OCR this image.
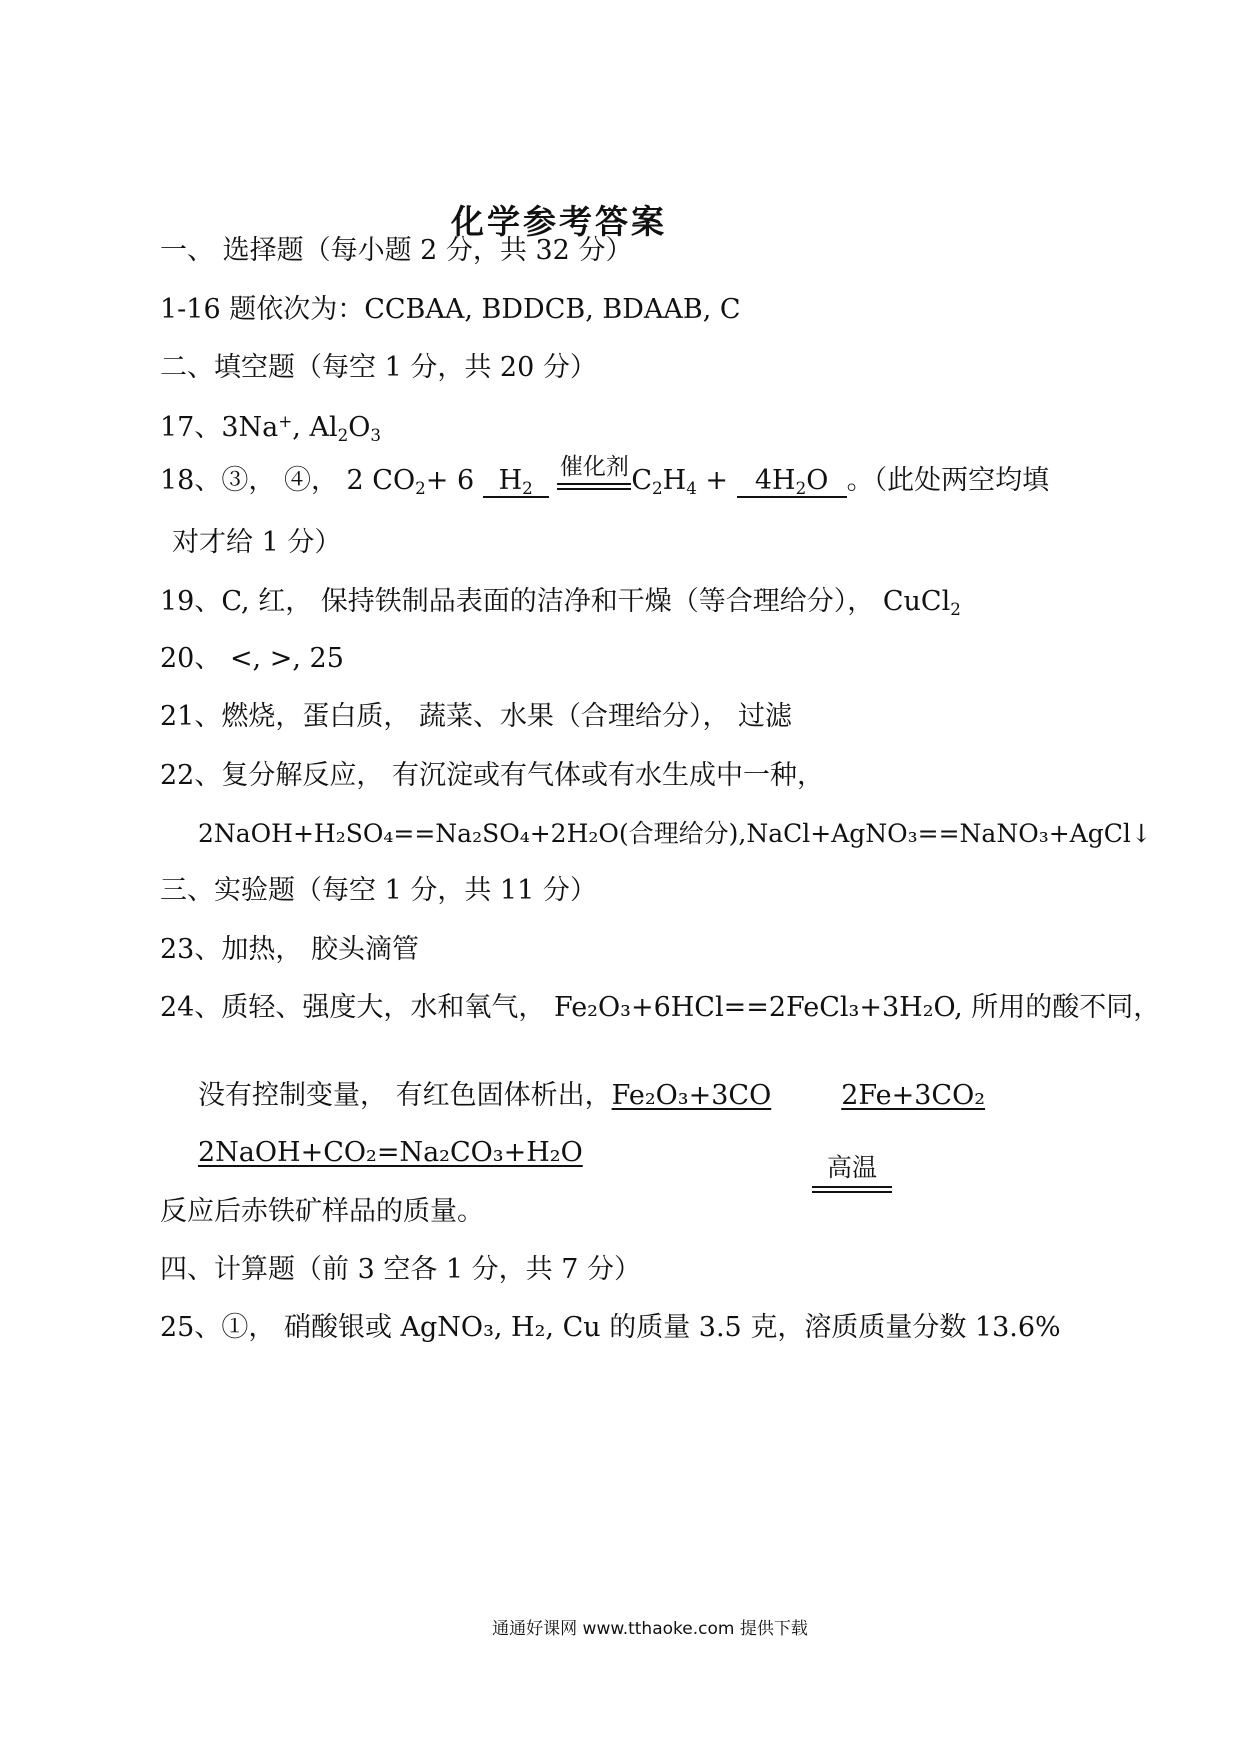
化学参考答案
一、 选择题（每小题 2 分，共 32 分）
1-16 题依次为：CCBAA, BDDCB, BDAAB, C
二、填空题（每空 1 分，共 20 分）
17、3Na+, $Al_2O_3$
18、③， ④， 2 $CO_2+ 6$ $H_2$
催化剂 $C_2H_4 + 4H_2O$ 。（此处两空均填
对才给 1 分）
19、C, 红， 保持铁制品表面的洁净和干燥（等合理给分）， CuCl$_2$
20、 <, >, 25
21、燃烧，蛋白质， 蔬菜、水果（合理给分）， 过滤
22、复分解反应， 有沉淀或有气体或有水生成中一种，
2NaOH+H₂SO₄==Na₂SO₄+2H₂O(合理给分),NaCl+AgNO₃==NaNO₃+AgCl↓
三、实验题（每空 1 分，共 11 分）
23、加热， 胶头滴管
24、质轻、强度大，水和氧气， Fe₂O₃+6HCl==2FeCl₃+3H₂O, 所用的酸不同，
高温
没有控制变量， 有红色固体析出，Fe₂O₃+3CO	2Fe+3CO₂
2NaOH+CO₂=Na₂CO₃+H₂O
反应后赤铁矿样品的质量。
四、计算题（前 3 空各 1 分，共 7 分）
25、①， 硝酸银或 AgNO₃, H₂, Cu 的质量 3.5 克，溶质质量分数 13.6%
通通好课网 www.tthaoke.com 提供下载
